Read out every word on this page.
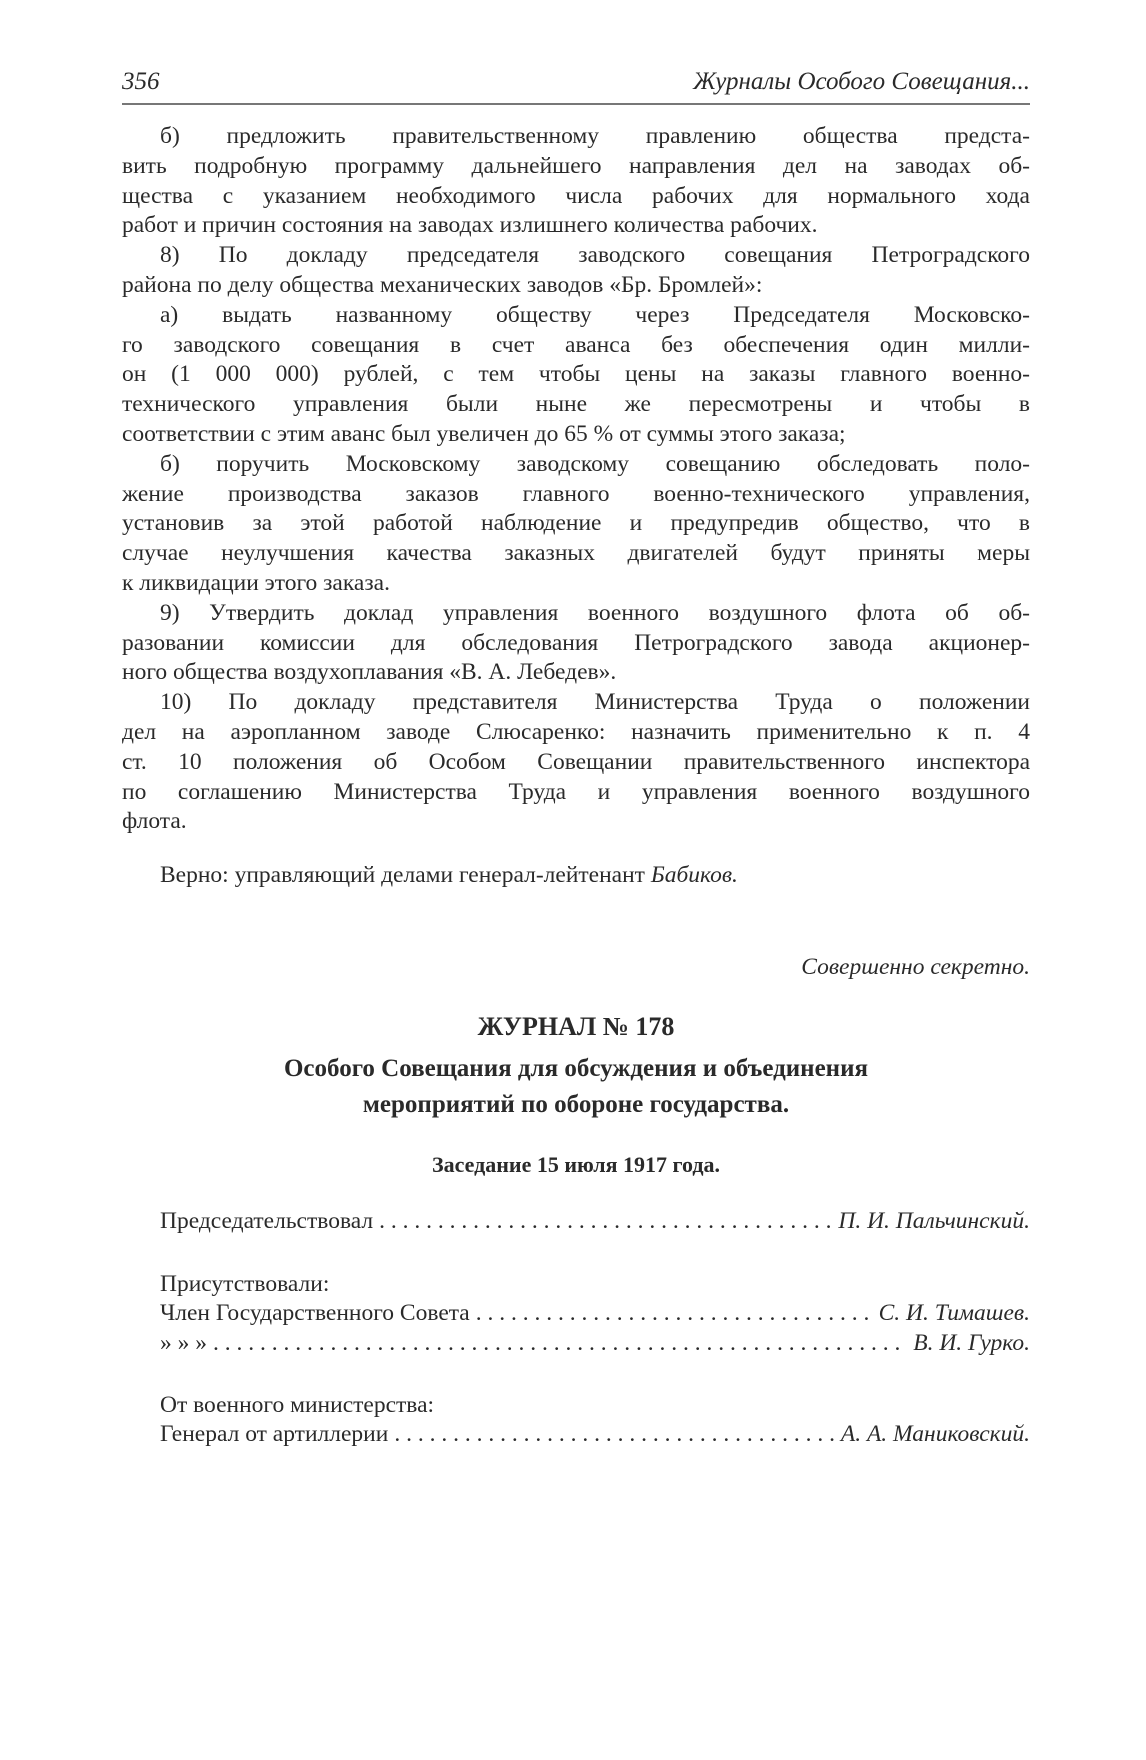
356	Журналы Особого Совещания...
б) предложить правительственному правлению общества предста-
вить подробную программу дальнейшего направления дел на заводах об-
щества с указанием необходимого числа рабочих для нормального хода
работ и причин состояния на заводах излишнего количества рабочих.
8) По докладу председателя заводского совещания Петроградского
района по делу общества механических заводов «Бр. Бромлей»:
а) выдать названному обществу через Председателя Московско-
го заводского совещания в счет аванса без обеспечения один милли-
он (1 000 000) рублей, с тем чтобы цены на заказы главного военно-
технического управления были ныне же пересмотрены и чтобы в
соответствии с этим аванс был увеличен до 65 % от суммы этого заказа;
б) поручить Московскому заводскому совещанию обследовать поло-
жение производства заказов главного военно-технического управления,
установив за этой работой наблюдение и предупредив общество, что в
случае неулучшения качества заказных двигателей будут приняты меры
к ликвидации этого заказа.
9) Утвердить доклад управления военного воздушного флота об об-
разовании комиссии для обследования Петроградского завода акционер-
ного общества воздухоплавания «В. А. Лебедев».
10) По докладу представителя Министерства Труда о положении
дел на аэропланном заводе Слюсаренко: назначить применительно к п. 4
ст. 10 положения об Особом Совещании правительственного инспектора
по соглашению Министерства Труда и управления военного воздушного
флота.
Верно: управляющий делами генерал-лейтенант Бабиков.
Совершенно секретно.
ЖУРНАЛ № 178
Особого Совещания для обсуждения и объединения
мероприятий по обороне государства.
Заседание 15 июля 1917 года.
Председательствовал . . .	П. И. Пальчинский.
Присутствовали:
Член Государственного Совета . . .	С. И. Тимашев.
» » » . . .	В. И. Гурко.
От военного министерства:
Генерал от артиллерии . . .	А. А. Маниковский.
